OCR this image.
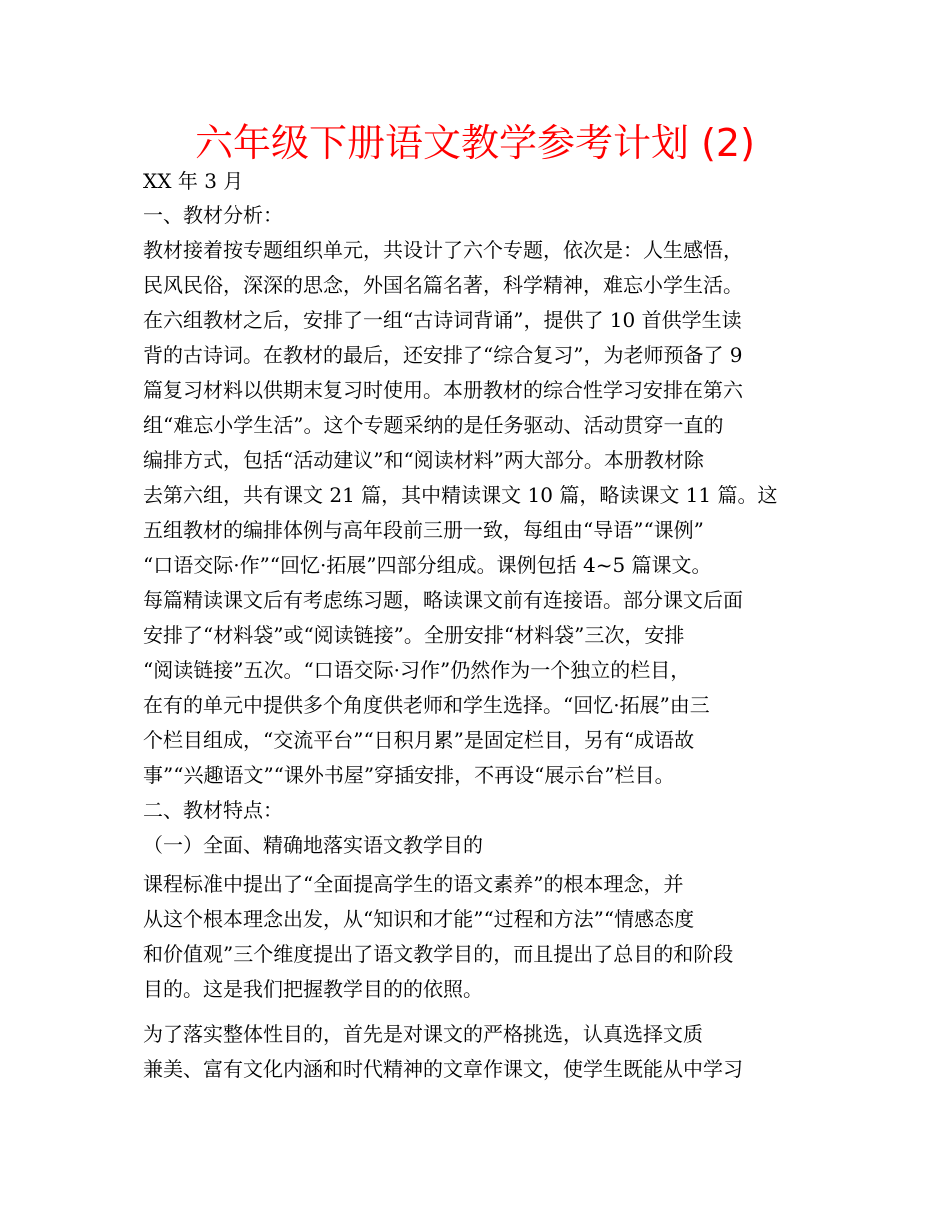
六年级下册语文教学参考计划 (2)

XX 年 3 月

一、教材分析：

教材接着按专题组织单元，共设计了六个专题，依次是：人生感悟，

民风民俗，深深的思念，外国名篇名著，科学精神，难忘小学生活。

在六组教材之后，安排了一组“古诗词背诵”，提供了 10 首供学生读

背的古诗词。在教材的最后，还安排了“综合复习”，为老师预备了 9

篇复习材料以供期末复习时使用。本册教材的综合性学习安排在第六

组“难忘小学生活”。这个专题采纳的是任务驱动、活动贯穿一直的

编排方式，包括“活动建议”和“阅读材料”两大部分。本册教材除

去第六组，共有课文 21 篇，其中精读课文 10 篇，略读课文 11 篇。这

五组教材的编排体例与高年段前三册一致，每组由“导语”“课例”

“口语交际·作”“回忆·拓展”四部分组成。课例包括 4~5 篇课文。

每篇精读课文后有考虑练习题，略读课文前有连接语。部分课文后面

安排了“材料袋”或“阅读链接”。全册安排“材料袋”三次，安排

“阅读链接”五次。“口语交际·习作”仍然作为一个独立的栏目，

在有的单元中提供多个角度供老师和学生选择。“回忆·拓展”由三

个栏目组成，“交流平台”“日积月累”是固定栏目，另有“成语故

事”“兴趣语文”“课外书屋”穿插安排，不再设“展示台”栏目。

二、教材特点：

（一）全面、精确地落实语文教学目的

课程标准中提出了“全面提高学生的语文素养”的根本理念，并

从这个根本理念出发，从“知识和才能”“过程和方法”“情感态度

和价值观”三个维度提出了语文教学目的，而且提出了总目的和阶段

目的。这是我们把握教学目的的依照。

为了落实整体性目的，首先是对课文的严格挑选，认真选择文质

兼美、富有文化内涵和时代精神的文章作课文，使学生既能从中学习
